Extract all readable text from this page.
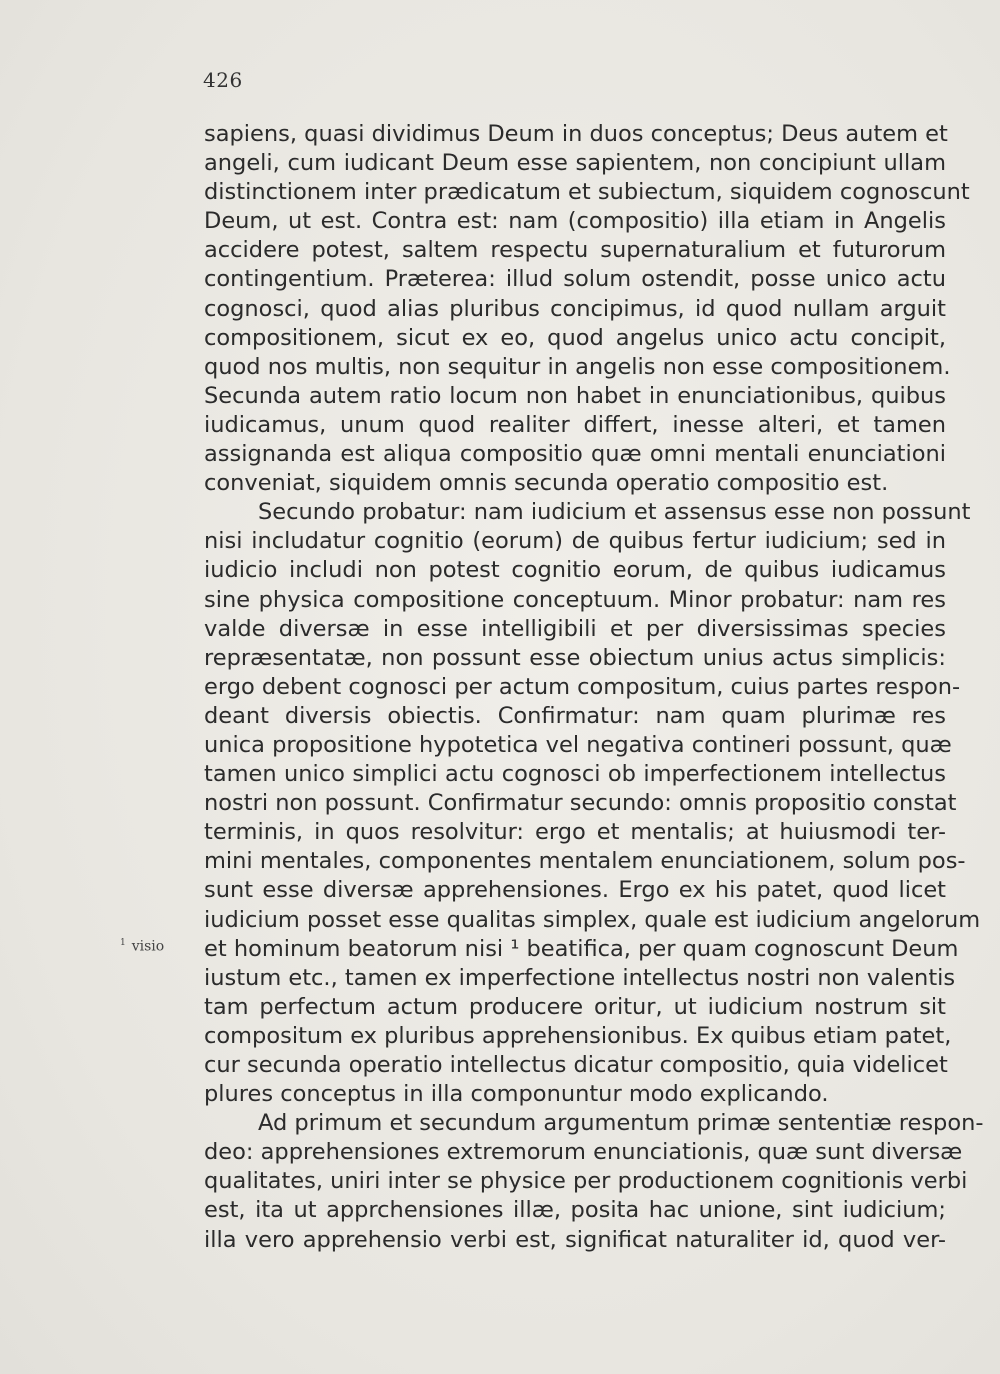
426
$^1$ visio
sapiens, quasi dividimus Deum in duos conceptus; Deus autem et
angeli, cum iudicant Deum esse sapientem, non concipiunt ullam
distinctionem inter prædicatum et subiectum, siquidem cognoscunt
Deum, ut est. Contra est: nam (compositio) illa etiam in Angelis
accidere potest, saltem respectu supernaturalium et futurorum
contingentium. Præterea: illud solum ostendit, posse unico actu
cognosci, quod alias pluribus concipimus, id quod nullam arguit
compositionem, sicut ex eo, quod angelus unico actu concipit,
quod nos multis, non sequitur in angelis non esse compositionem.
Secunda autem ratio locum non habet in enunciationibus, quibus
iudicamus, unum quod realiter differt, inesse alteri, et tamen
assignanda est aliqua compositio quæ omni mentali enunciationi
conveniat, siquidem omnis secunda operatio compositio est.
Secundo probatur: nam iudicium et assensus esse non possunt
nisi includatur cognitio (eorum) de quibus fertur iudicium; sed in
iudicio includi non potest cognitio eorum, de quibus iudicamus
sine physica compositione conceptuum. Minor probatur: nam res
valde diversæ in esse intelligibili et per diversissimas species
repræsentatæ, non possunt esse obiectum unius actus simplicis:
ergo debent cognosci per actum compositum, cuius partes respon-
deant diversis obiectis. Confirmatur: nam quam plurimæ res
unica propositione hypotetica vel negativa contineri possunt, quæ
tamen unico simplici actu cognosci ob imperfectionem intellectus
nostri non possunt. Confirmatur secundo: omnis propositio constat
terminis, in quos resolvitur: ergo et mentalis; at huiusmodi ter-
mini mentales, componentes mentalem enunciationem, solum pos-
sunt esse diversæ apprehensiones. Ergo ex his patet, quod licet
iudicium posset esse qualitas simplex, quale est iudicium angelorum
et hominum beatorum nisi ¹ beatifica, per quam cognoscunt Deum
iustum etc., tamen ex imperfectione intellectus nostri non valentis
tam perfectum actum producere oritur, ut iudicium nostrum sit
compositum ex pluribus apprehensionibus. Ex quibus etiam patet,
cur secunda operatio intellectus dicatur compositio, quia videlicet
plures conceptus in illa componuntur modo explicando.
Ad primum et secundum argumentum primæ sententiæ respon-
deo: apprehensiones extremorum enunciationis, quæ sunt diversæ
qualitates, uniri inter se physice per productionem cognitionis verbi
est, ita ut apprchensiones illæ, posita hac unione, sint iudicium;
illa vero apprehensio verbi est, significat naturaliter id, quod ver-
